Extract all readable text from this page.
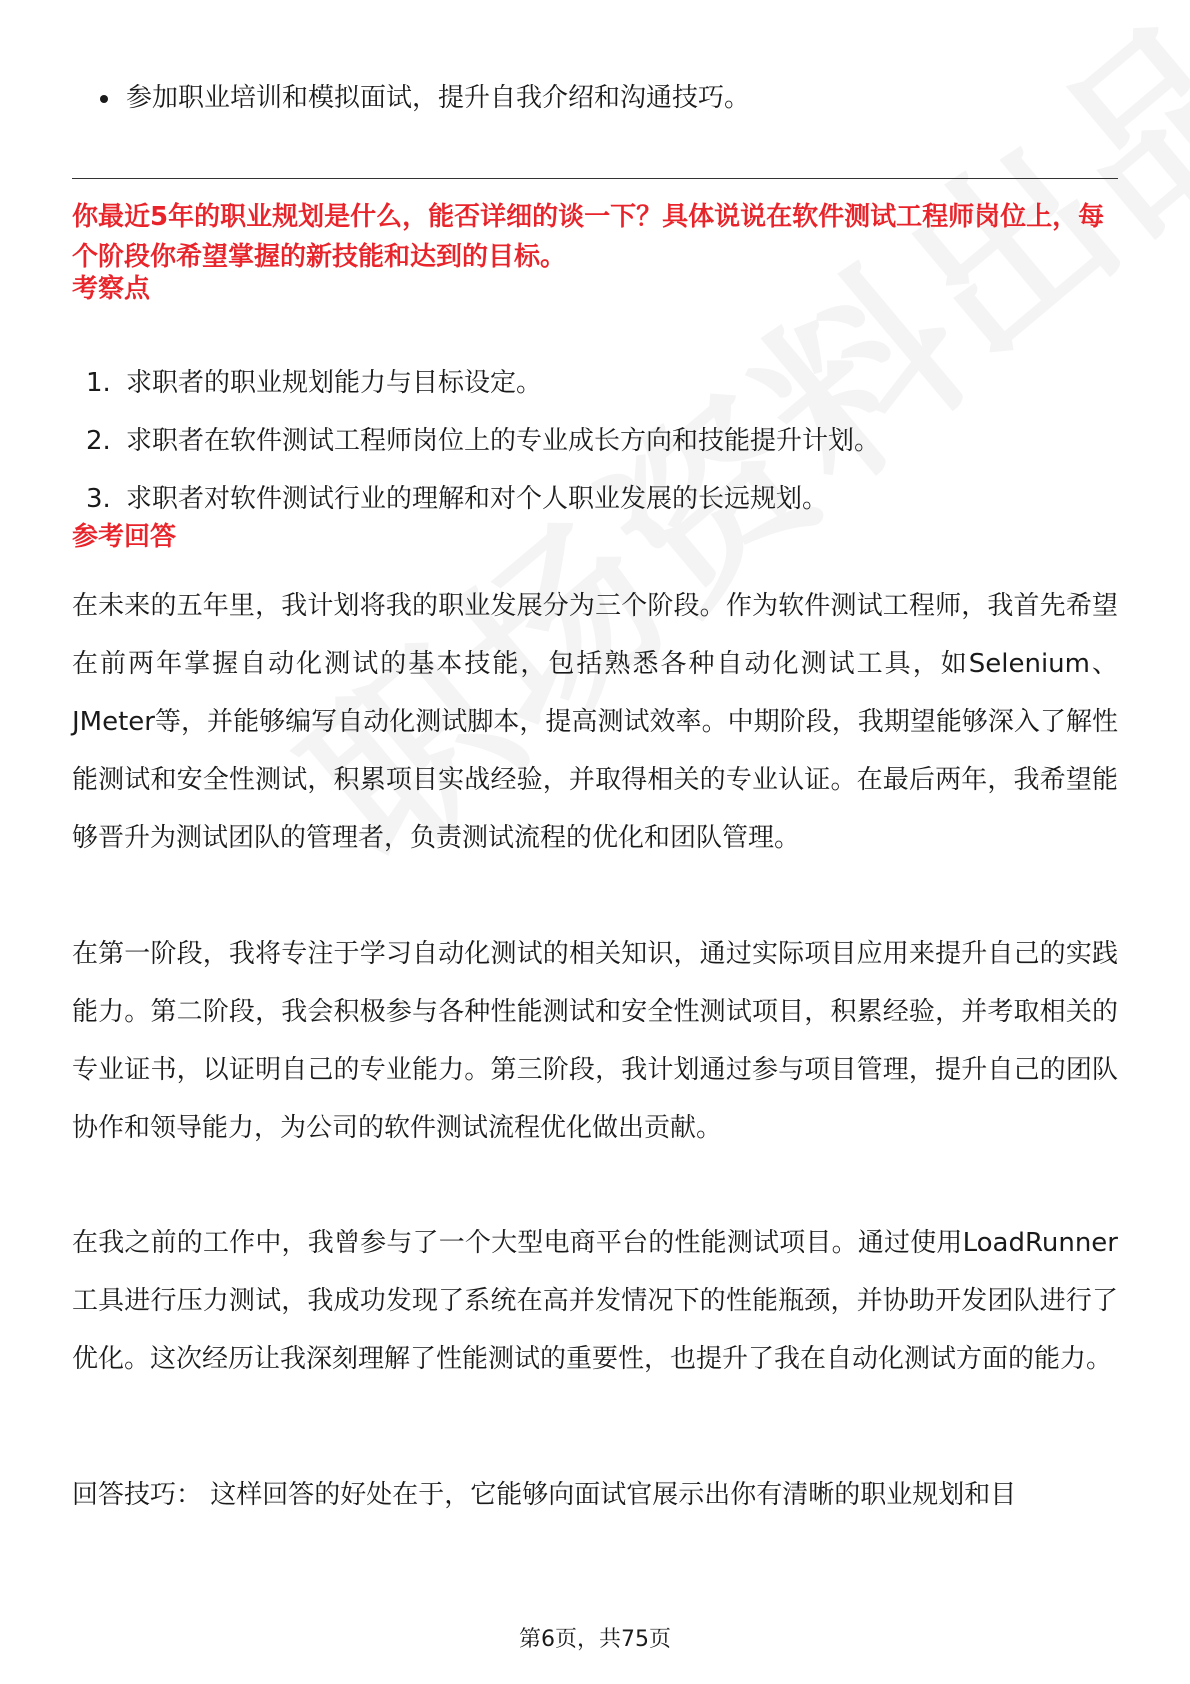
参加职业培训和模拟面试，提升自我介绍和沟通技巧。

你最近5年的职业规划是什么，能否详细的谈一下？具体说说在软件测试工程师岗位上，每个阶段你希望掌握的新技能和达到的目标。

考察点
1. 求职者的职业规划能力与目标设定。
2. 求职者在软件测试工程师岗位上的专业成长方向和技能提升计划。
3. 求职者对软件测试行业的理解和对个人职业发展的长远规划。
参考回答

在未来的五年里，我计划将我的职业发展分为三个阶段。作为软件测试工程师，我首先希望在前两年掌握自动化测试的基本技能，包括熟悉各种自动化测试工具，如Selenium、JMeter等，并能够编写自动化测试脚本，提高测试效率。中期阶段，我期望能够深入了解性能测试和安全性测试，积累项目实战经验，并取得相关的专业认证。在最后两年，我希望能够晋升为测试团队的管理者，负责测试流程的优化和团队管理。

在第一阶段，我将专注于学习自动化测试的相关知识，通过实际项目应用来提升自己的实践能力。第二阶段，我会积极参与各种性能测试和安全性测试项目，积累经验，并考取相关的专业证书，以证明自己的专业能力。第三阶段，我计划通过参与项目管理，提升自己的团队协作和领导能力，为公司的软件测试流程优化做出贡献。

在我之前的工作中，我曾参与了一个大型电商平台的性能测试项目。通过使用LoadRunner工具进行压力测试，我成功发现了系统在高并发情况下的性能瓶颈，并协助开发团队进行了优化。这次经历让我深刻理解了性能测试的重要性，也提升了我在自动化测试方面的能力。

回答技巧： 这样回答的好处在于，它能够向面试官展示出你有清晰的职业规划和目

第6页，共75页
